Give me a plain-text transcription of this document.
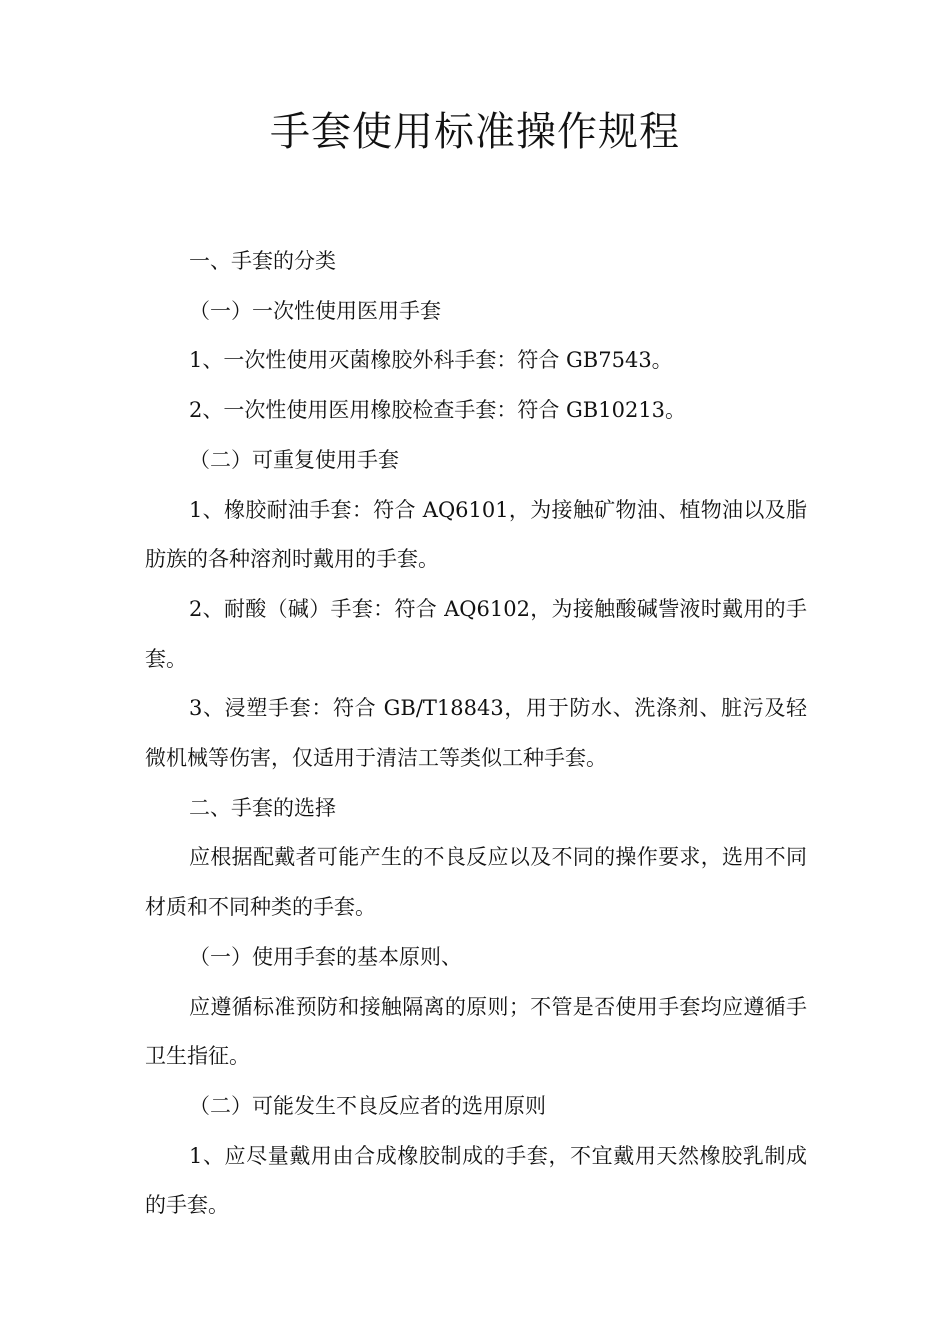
手套使用标准操作规程

一、手套的分类

（一）一次性使用医用手套

1、一次性使用灭菌橡胶外科手套：符合 GB7543。

2、一次性使用医用橡胶检查手套：符合 GB10213。

（二）可重复使用手套

1、橡胶耐油手套：符合 AQ6101，为接触矿物油、植物油以及脂肪族的各种溶剂时戴用的手套。

2、耐酸（碱）手套：符合 AQ6102，为接触酸碱訾液时戴用的手套。

3、浸塑手套：符合 GB/T18843，用于防水、洗涤剂、脏污及轻微机械等伤害，仅适用于清洁工等类似工种手套。

二、手套的选择

应根据配戴者可能产生的不良反应以及不同的操作要求，选用不同材质和不同种类的手套。

（一）使用手套的基本原则、

应遵循标准预防和接触隔离的原则；不管是否使用手套均应遵循手卫生指征。

（二）可能发生不良反应者的选用原则

1、应尽量戴用由合成橡胶制成的手套，不宜戴用天然橡胶乳制成的手套。
